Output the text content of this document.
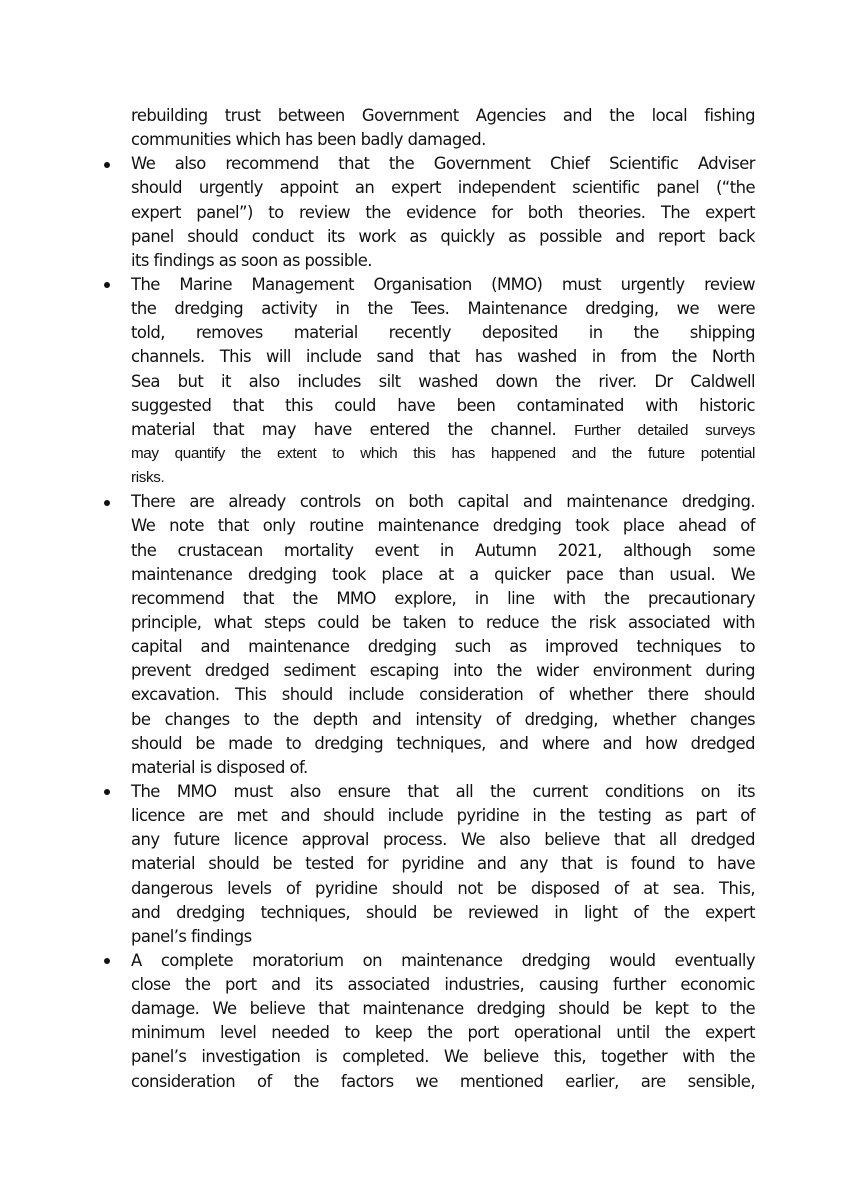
rebuilding trust between Government Agencies and the local fishing
communities which has been badly damaged.
We also recommend that the Government Chief Scientific Adviser
should urgently appoint an expert independent scientific panel (“the
expert panel”) to review the evidence for both theories. The expert
panel should conduct its work as quickly as possible and report back
its findings as soon as possible.
The Marine Management Organisation (MMO) must urgently review
the dredging activity in the Tees. Maintenance dredging, we were
told, removes material recently deposited in the shipping
channels. This will include sand that has washed in from the North
Sea but it also includes silt washed down the river. Dr Caldwell
suggested that this could have been contaminated with historic
material that may have entered the channel. Further detailed surveys
may quantify the extent to which this has happened and the future potential
risks.
There are already controls on both capital and maintenance dredging.
We note that only routine maintenance dredging took place ahead of
the crustacean mortality event in Autumn 2021, although some
maintenance dredging took place at a quicker pace than usual. We
recommend that the MMO explore, in line with the precautionary
principle, what steps could be taken to reduce the risk associated with
capital and maintenance dredging such as improved techniques to
prevent dredged sediment escaping into the wider environment during
excavation. This should include consideration of whether there should
be changes to the depth and intensity of dredging, whether changes
should be made to dredging techniques, and where and how dredged
material is disposed of.
The MMO must also ensure that all the current conditions on its
licence are met and should include pyridine in the testing as part of
any future licence approval process. We also believe that all dredged
material should be tested for pyridine and any that is found to have
dangerous levels of pyridine should not be disposed of at sea. This,
and dredging techniques, should be reviewed in light of the expert
panel’s findings
A complete moratorium on maintenance dredging would eventually
close the port and its associated industries, causing further economic
damage. We believe that maintenance dredging should be kept to the
minimum level needed to keep the port operational until the expert
panel’s investigation is completed. We believe this, together with the
consideration of the factors we mentioned earlier, are sensible,
